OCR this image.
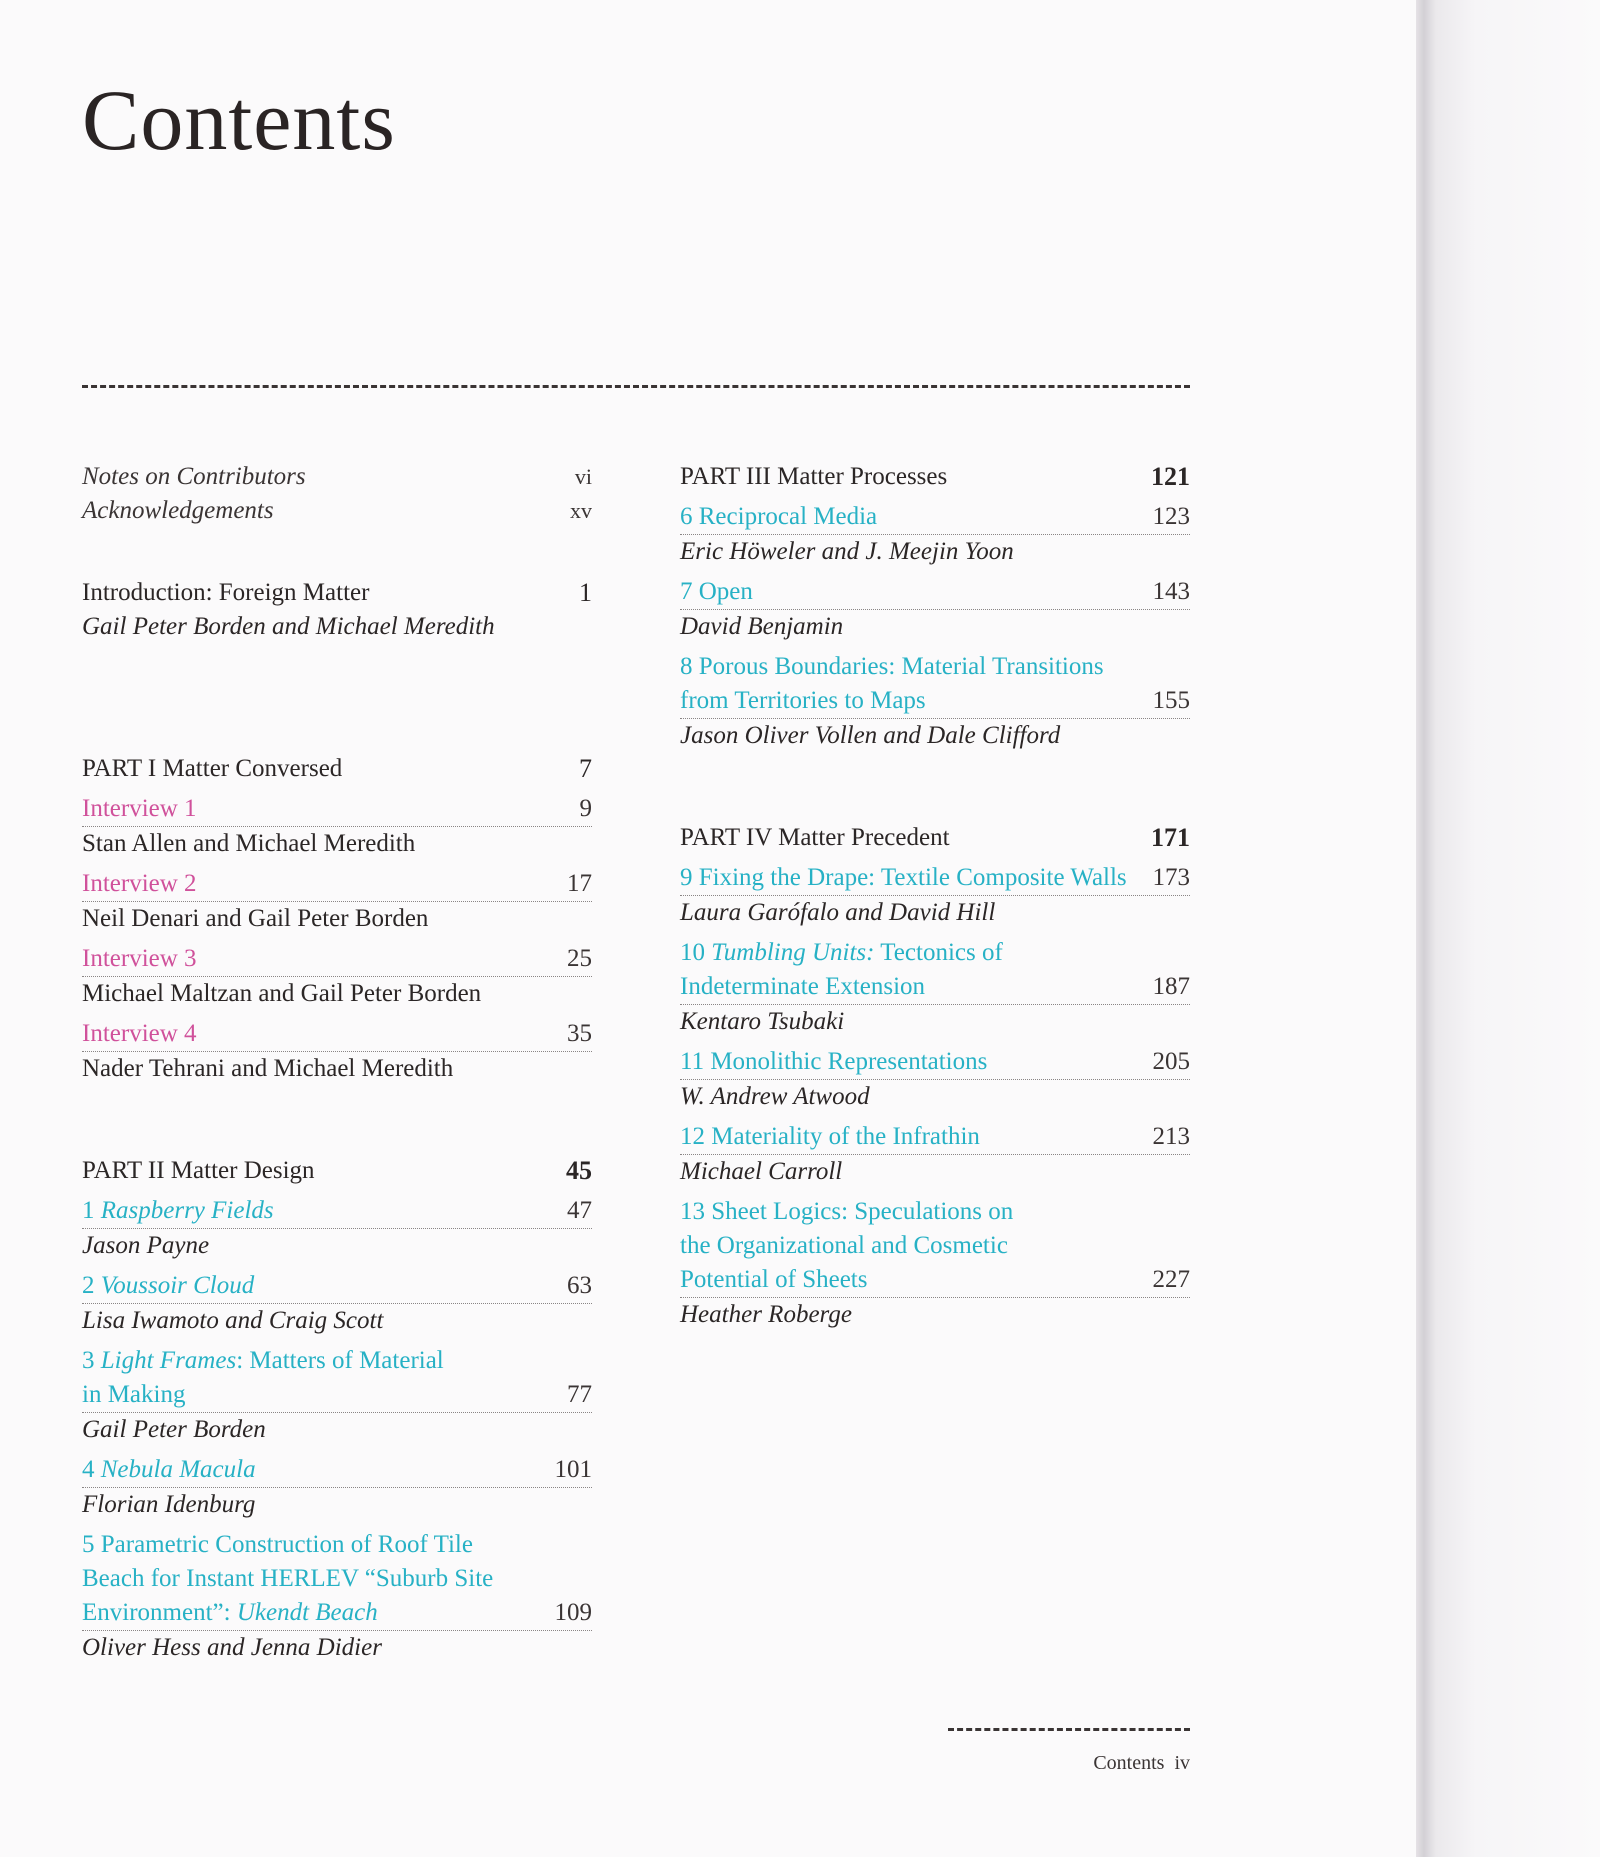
Contents
Notes on Contributors	vi
Acknowledgements	xv
Introduction: Foreign Matter	1
Gail Peter Borden and Michael Meredith
PART I Matter Conversed	7
Interview 1	9
Stan Allen and Michael Meredith
Interview 2	17
Neil Denari and Gail Peter Borden
Interview 3	25
Michael Maltzan and Gail Peter Borden
Interview 4	35
Nader Tehrani and Michael Meredith
PART II Matter Design	45
1 Raspberry Fields	47
Jason Payne
2 Voussoir Cloud	63
Lisa Iwamoto and Craig Scott
3 Light Frames: Matters of Material
in Making	77
Gail Peter Borden
4 Nebula Macula	101
Florian Idenburg
5 Parametric Construction of Roof Tile
Beach for Instant HERLEV “Suburb Site
Environment”: Ukendt Beach	109
Oliver Hess and Jenna Didier
PART III Matter Processes	121
6 Reciprocal Media	123
Eric Höweler and J. Meejin Yoon
7 Open	143
David Benjamin
8 Porous Boundaries: Material Transitions
from Territories to Maps	155
Jason Oliver Vollen and Dale Clifford
PART IV Matter Precedent	171
9 Fixing the Drape: Textile Composite Walls	173
Laura Garófalo and David Hill
10 Tumbling Units: Tectonics of
Indeterminate Extension	187
Kentaro Tsubaki
11 Monolithic Representations	205
W. Andrew Atwood
12 Materiality of the Infrathin	213
Michael Carroll
13 Sheet Logics: Speculations on
the Organizational and Cosmetic
Potential of Sheets	227
Heather Roberge
Contents iv
